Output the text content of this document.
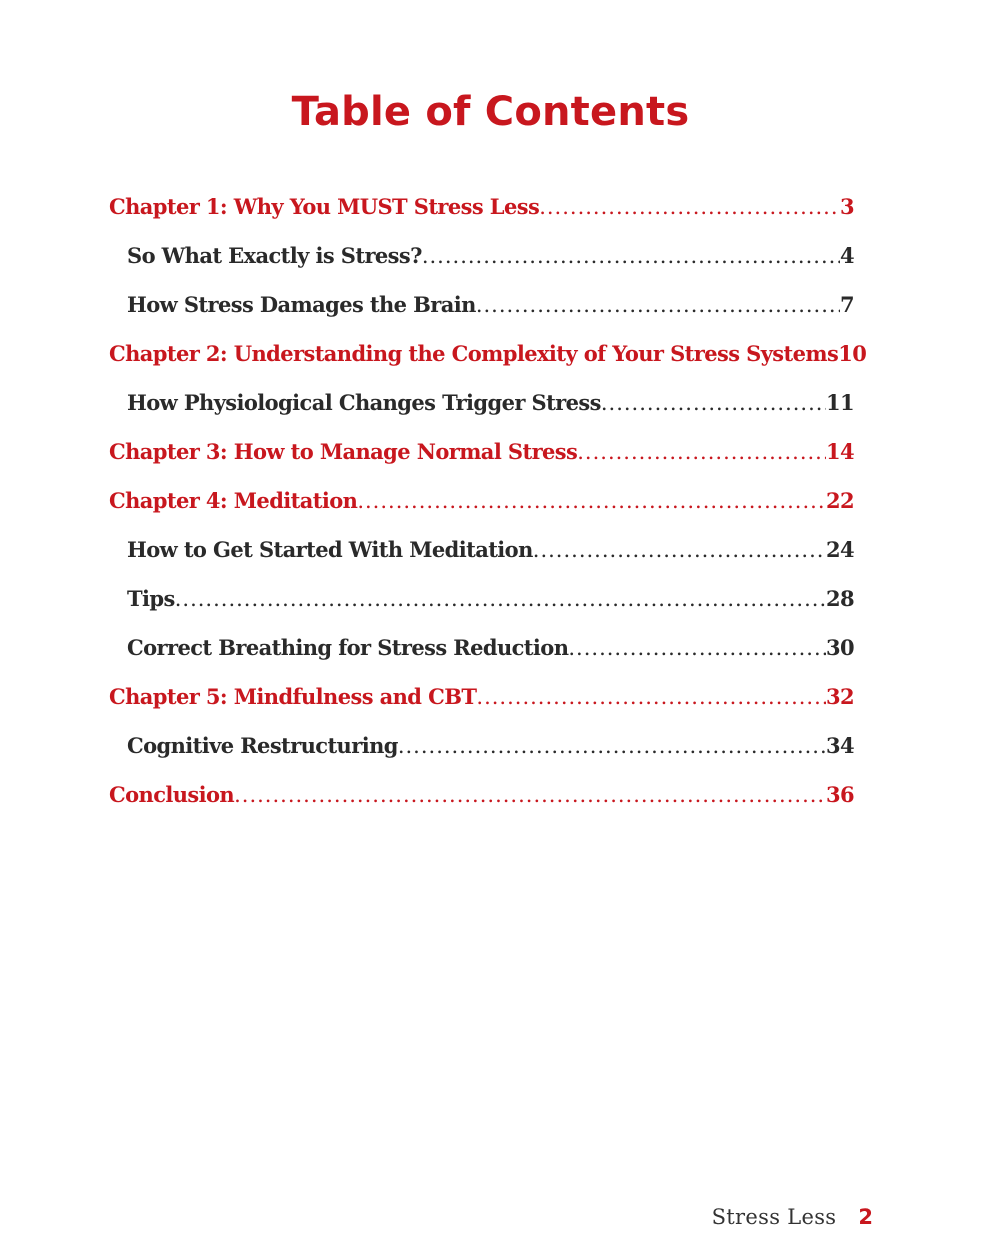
Table of Contents
Chapter 1: Why You MUST Stress Less .....	3
So What Exactly is Stress? .....	4
How Stress Damages the Brain .....	7
Chapter 2: Understanding the Complexity of Your Stress Systems 10
How Physiological Changes Trigger Stress .....	11
Chapter 3: How to Manage Normal Stress .....	14
Chapter 4: Meditation .....	22
How to Get Started With Meditation .....	24
Tips .....	28
Correct Breathing for Stress Reduction .....	30
Chapter 5: Mindfulness and CBT .....	32
Cognitive Restructuring .....	34
Conclusion .....	36
Stress Less 2
